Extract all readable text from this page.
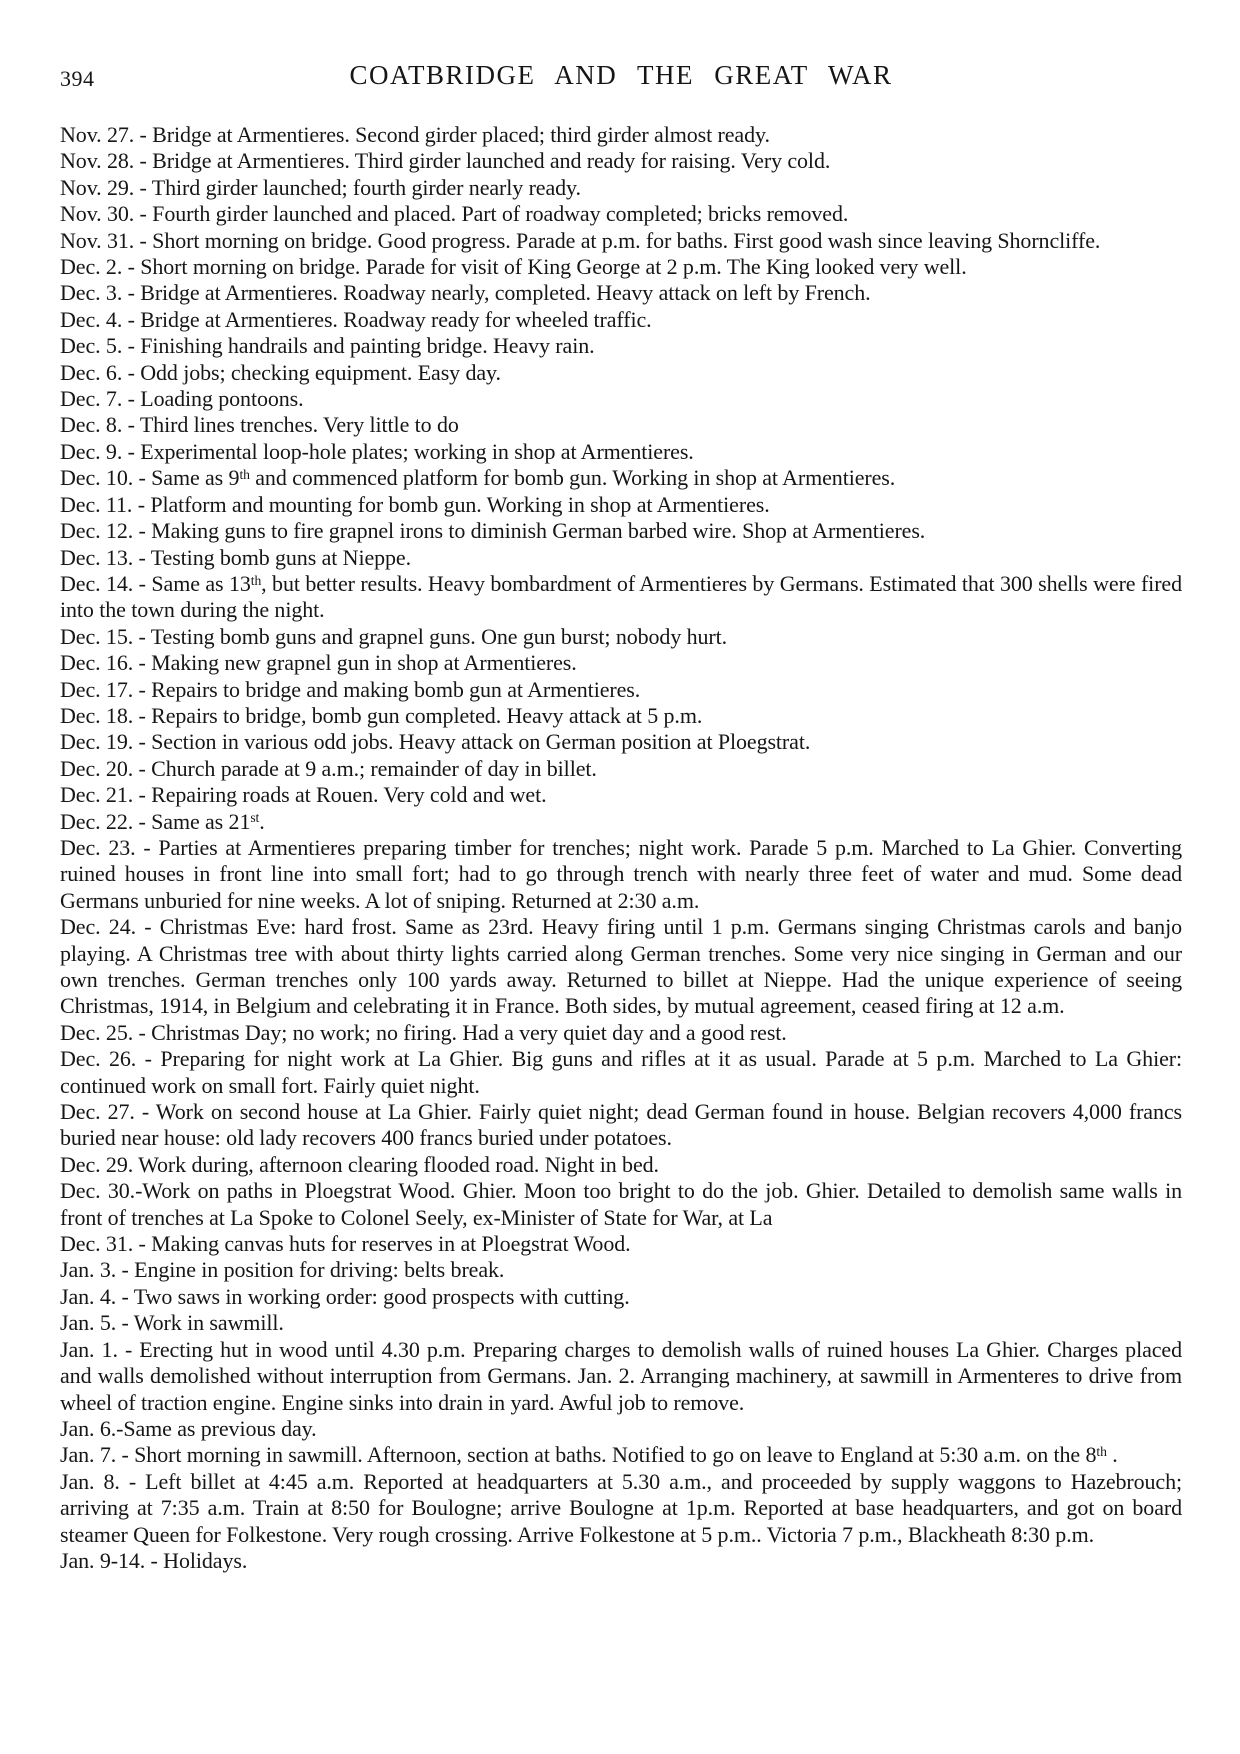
394	COATBRIDGE AND THE GREAT WAR

Nov. 27. - Bridge at Armentieres. Second girder placed; third girder almost ready.

Nov. 28. - Bridge at Armentieres. Third girder launched and ready for raising. Very cold.

Nov. 29. - Third girder launched; fourth girder nearly ready.

Nov. 30. - Fourth girder launched and placed. Part of roadway completed; bricks removed.

Nov. 31. - Short morning on bridge. Good progress. Parade at p.m. for baths. First good wash since leaving Shorncliffe.

Dec. 2. - Short morning on bridge. Parade for visit of King George at 2 p.m. The King looked very well.

Dec. 3. - Bridge at Armentieres. Roadway nearly, completed. Heavy attack on left by French.

Dec. 4. - Bridge at Armentieres. Roadway ready for wheeled traffic.

Dec. 5. - Finishing handrails and painting bridge. Heavy rain.

Dec. 6. - Odd jobs; checking equipment. Easy day.

Dec. 7. - Loading pontoons.

Dec. 8. - Third lines trenches. Very little to do

Dec. 9. - Experimental loop-hole plates; working in shop at Armentieres.

Dec. 10. - Same as 9th and commenced platform for bomb gun. Working in shop at Armentieres.

Dec. 11. - Platform and mounting for bomb gun. Working in shop at Armentieres.

Dec. 12. - Making guns to fire grapnel irons to diminish German barbed wire. Shop at Armentieres.

Dec. 13. - Testing bomb guns at Nieppe.

Dec. 14. - Same as 13th, but better results. Heavy bombardment of Armentieres by Germans. Estimated that 300 shells were fired into the town during the night.

Dec. 15. - Testing bomb guns and grapnel guns. One gun burst; nobody hurt.

Dec. 16. - Making new grapnel gun in shop at Armentieres.

Dec. 17. - Repairs to bridge and making bomb gun at Armentieres.

Dec. 18. - Repairs to bridge, bomb gun completed. Heavy attack at 5 p.m.

Dec. 19. - Section in various odd jobs. Heavy attack on German position at Ploegstrat.

Dec. 20. - Church parade at 9 a.m.; remainder of day in billet.

Dec. 21. - Repairing roads at Rouen. Very cold and wet.

Dec. 22. - Same as 21st.

Dec. 23. - Parties at Armentieres preparing timber for trenches; night work. Parade 5 p.m. Marched to La Ghier. Converting ruined houses in front line into small fort; had to go through trench with nearly three feet of water and mud. Some dead Germans unburied for nine weeks. A lot of sniping. Returned at 2:30 a.m.

Dec. 24. - Christmas Eve: hard frost. Same as 23rd. Heavy firing until 1 p.m. Germans singing Christmas carols and banjo playing. A Christmas tree with about thirty lights carried along German trenches. Some very nice singing in German and our own trenches. German trenches only 100 yards away. Returned to billet at Nieppe. Had the unique experience of seeing Christmas, 1914, in Belgium and celebrating it in France. Both sides, by mutual agreement, ceased firing at 12 a.m.

Dec. 25. - Christmas Day; no work; no firing. Had a very quiet day and a good rest.

Dec. 26. - Preparing for night work at La Ghier. Big guns and rifles at it as usual. Parade at 5 p.m. Marched to La Ghier: continued work on small fort. Fairly quiet night.

Dec. 27. - Work on second house at La Ghier. Fairly quiet night; dead German found in house. Belgian recovers 4,000 francs buried near house: old lady recovers 400 francs buried under potatoes.

Dec. 29. Work during, afternoon clearing flooded road. Night in bed.

Dec. 30.-Work on paths in Ploegstrat Wood. Ghier. Moon too bright to do the job. Ghier. Detailed to demolish same walls in front of trenches at La Spoke to Colonel Seely, ex-Minister of State for War, at La

Dec. 31. - Making canvas huts for reserves in at Ploegstrat Wood.

Jan. 3. - Engine in position for driving: belts break.

Jan. 4. - Two saws in working order: good prospects with cutting.

Jan. 5. - Work in sawmill.

Jan. 1. - Erecting hut in wood until 4.30 p.m. Preparing charges to demolish walls of ruined houses La Ghier. Charges placed and walls demolished without interruption from Germans. Jan. 2. Arranging machinery, at sawmill in Armenteres to drive from wheel of traction engine. Engine sinks into drain in yard. Awful job to remove.

Jan. 6.-Same as previous day.

Jan. 7. - Short morning in sawmill. Afternoon, section at baths. Notified to go on leave to England at 5:30 a.m. on the 8th .

Jan. 8. - Left billet at 4:45 a.m. Reported at headquarters at 5.30 a.m., and proceeded by supply waggons to Hazebrouch; arriving at 7:35 a.m. Train at 8:50 for Boulogne; arrive Boulogne at 1p.m. Reported at base headquarters, and got on board steamer Queen for Folkestone. Very rough crossing. Arrive Folkestone at 5 p.m.. Victoria 7 p.m., Blackheath 8:30 p.m.

Jan. 9-14. - Holidays.
